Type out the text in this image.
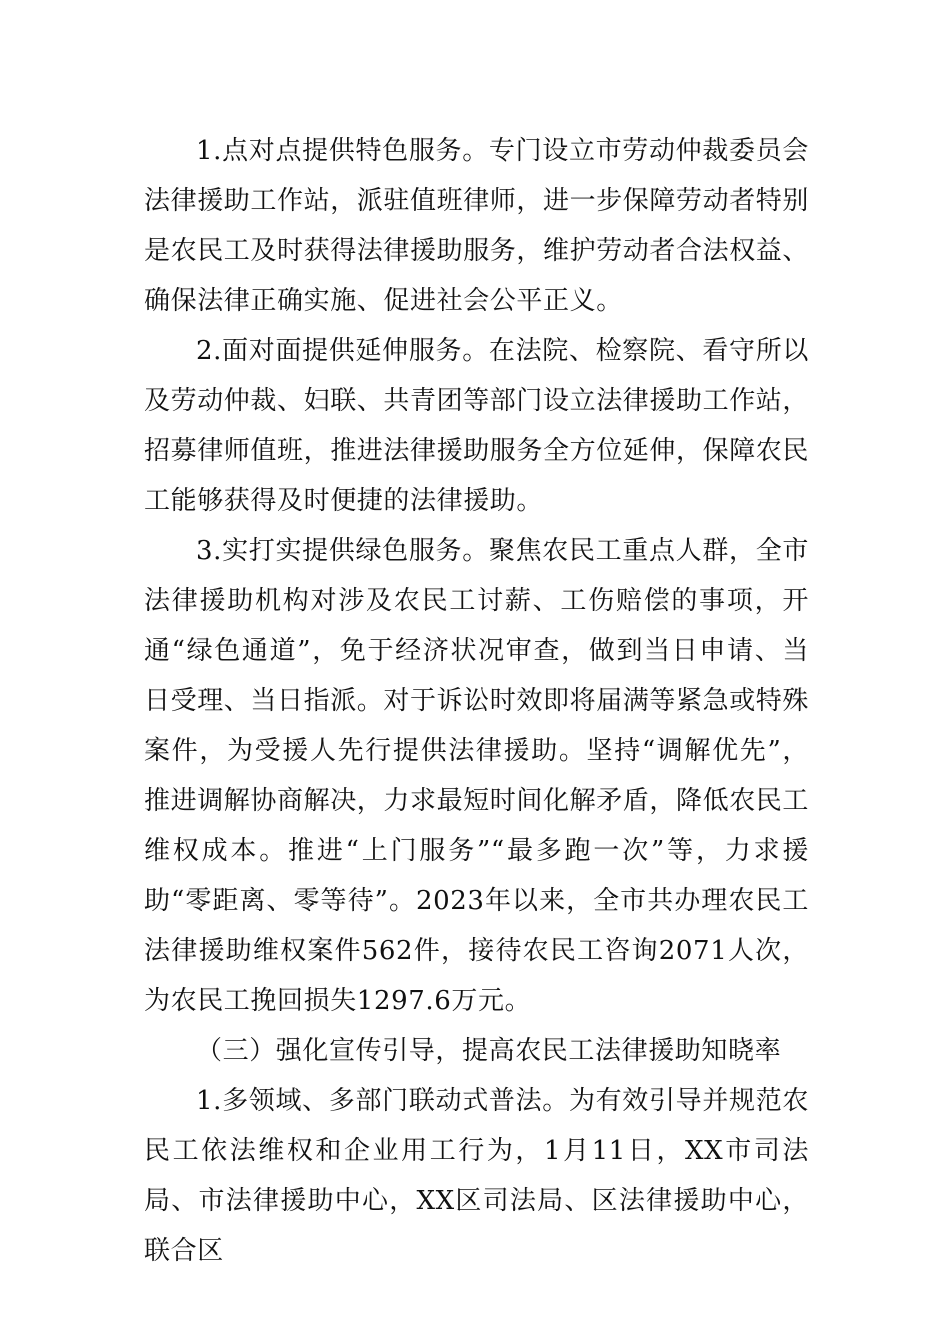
1.点对点提供特色服务。专门设立市劳动仲裁委员会法律援助工作站，派驻值班律师，进一步保障劳动者特别是农民工及时获得法律援助服务，维护劳动者合法权益、确保法律正确实施、促进社会公平正义。

2.面对面提供延伸服务。在法院、检察院、看守所以及劳动仲裁、妇联、共青团等部门设立法律援助工作站，招募律师值班，推进法律援助服务全方位延伸，保障农民工能够获得及时便捷的法律援助。

3.实打实提供绿色服务。聚焦农民工重点人群，全市法律援助机构对涉及农民工讨薪、工伤赔偿的事项，开通“绿色通道”，免于经济状况审查，做到当日申请、当日受理、当日指派。对于诉讼时效即将届满等紧急或特殊案件，为受援人先行提供法律援助。坚持“调解优先”，推进调解协商解决，力求最短时间化解矛盾，降低农民工维权成本。推进“上门服务”“最多跑一次”等，力求援助“零距离、零等待”。2023年以来，全市共办理农民工法律援助维权案件562件，接待农民工咨询2071人次，为农民工挽回损失1297.6万元。

（三）强化宣传引导，提高农民工法律援助知晓率

1.多领域、多部门联动式普法。为有效引导并规范农民工依法维权和企业用工行为，1月11日，XX市司法局、市法律援助中心，XX区司法局、区法律援助中心，联合区
